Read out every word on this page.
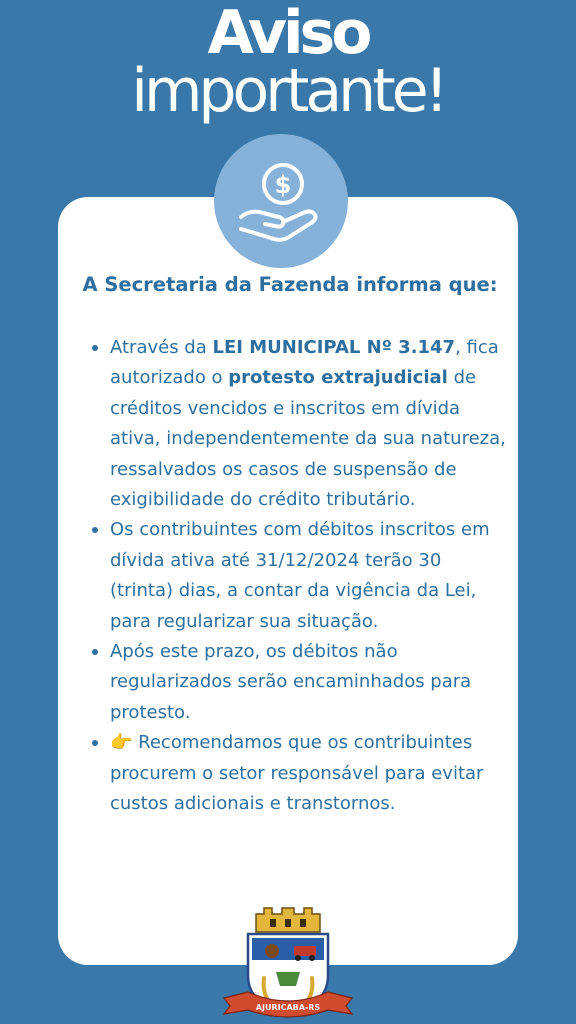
Aviso
importante!
$
A Secretaria da Fazenda informa que:
Através da LEI MUNICIPAL Nº 3.147, fica autorizado o protesto extrajudicial de créditos vencidos e inscritos em dívida ativa, independentemente da sua natureza, ressalvados os casos de suspensão de exigibilidade do crédito tributário.
Os contribuintes com débitos inscritos em dívida ativa até 31/12/2024 terão 30 (trinta) dias, a contar da vigência da Lei, para regularizar sua situação.
Após este prazo, os débitos não regularizados serão encaminhados para protesto.
👉 Recomendamos que os contribuintes procurem o setor responsável para evitar custos adicionais e transtornos.
AJURICABA-RS
